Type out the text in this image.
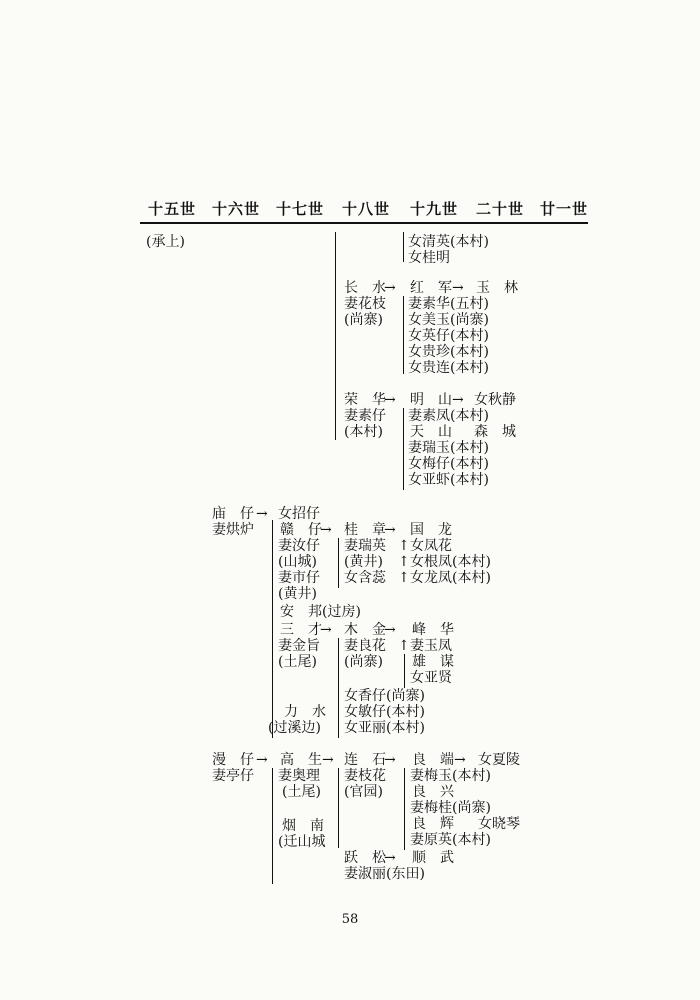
十五世 十六世 十七世 十八世 十九世 二十世 廿一世
(承上)	女清英(本村)
女桂明
长　水
→
妻花枝
(尚寨)
红　军 → 玉　林
妻素华(五村)
女美玉(尚寨)
女英仔(本村)
女贵珍(本村)
女贵连(本村)
荣　华
→
妻素仔
(本村)
明　山 → 女秋静
妻素凤(本村)
天　山 森　城
妻瑞玉(本村)
女梅仔(本村)
女亚虾(本村)
庙　仔 →
妻烘炉
女招仔
赣　仔
→
妻汝仔
(山城)
妻市仔
(黄井)
桂　章
→
妻瑞英
(黄井)
女含蕊
国　龙
↑
↑
↑
女凤花
女根凤(本村)
女龙凤(本村)
安　邦(过房)
三　才
→
妻金旨
(土尾)
木　金
→
妻良花
(尚寨)
峰　华
↑ 妻玉凤
雄　谋
女亚贤
女香仔(尚寨)
女敏仔(本村)
女亚丽(本村)
力　水
(过溪边)
漫　仔 →
妻亭仔
高　生 →
妻奥理
(土尾)
烟　南
(迁山城
连　石
→
妻枝花
(官园)
良　端 → 女夏陵
妻梅玉(本村)
良　兴
妻梅桂(尚寨)
良　辉 女晓琴
妻原英(本村)
跃　松
→ 顺　武
妻淑丽(东田)
58
